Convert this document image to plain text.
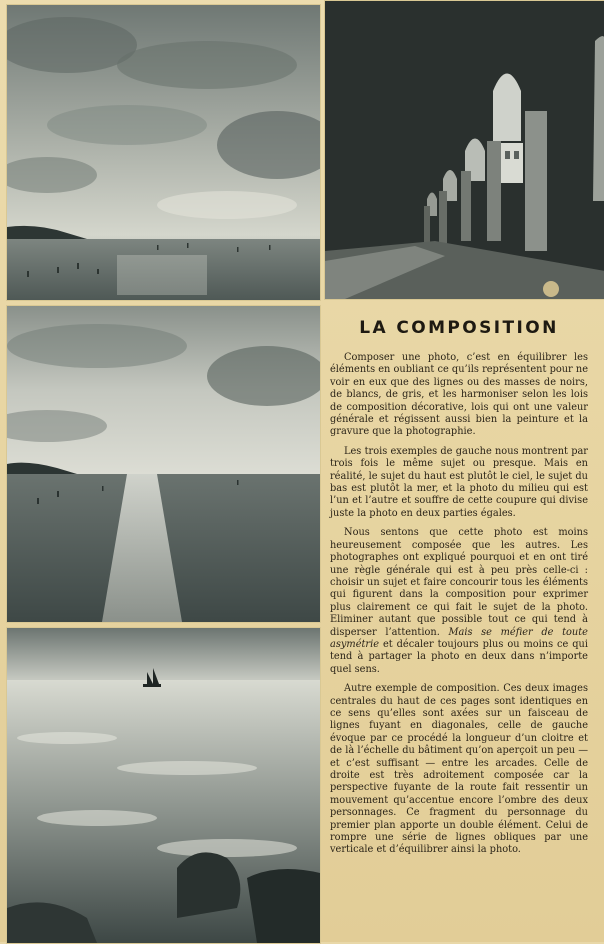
LA COMPOSITION

Composer une photo, c’est en équilibrer les éléments en oubliant ce qu’ils représentent pour ne voir en eux que des lignes ou des masses de noirs, de blancs, de gris, et les harmoniser selon les lois de composition décorative, lois qui ont une valeur générale et régissent aussi bien la peinture et la gravure que la photographie.

Les trois exemples de gauche nous montrent par trois fois le même sujet ou presque. Mais en réalité, le sujet du haut est plutôt le ciel, le sujet du bas est plutôt la mer, et la photo du milieu qui est l’un et l’autre et souffre de cette coupure qui divise juste la photo en deux parties égales.

Nous sentons que cette photo est moins heureusement composée que les autres. Les photographes ont expliqué pourquoi et en ont tiré une règle générale qui est à peu près celle-ci : choisir un sujet et faire concourir tous les éléments qui figurent dans la composition pour exprimer plus clairement ce qui fait le sujet de la photo. Eliminer autant que possible tout ce qui tend à disperser l’attention. Mais se méfier de toute asymétrie et décaler toujours plus ou moins ce qui tend à partager la photo en deux dans n’importe quel sens.

Autre exemple de composition. Ces deux images centrales du haut de ces pages sont identiques en ce sens qu’elles sont axées sur un faisceau de lignes fuyant en diagonales, celle de gauche évoque par ce procédé la longueur d’un cloitre et de là l’échelle du bâtiment qu’on aperçoit un peu — et c’est suffisant — entre les arcades. Celle de droite est très adroitement composée car la perspective fuyante de la route fait ressentir un mouvement qu’accentue encore l’ombre des deux personnages. Ce fragment du personnage du premier plan apporte un double élément. Celui de rompre une série de lignes obliques par une verticale et d’équilibrer ainsi la photo.
